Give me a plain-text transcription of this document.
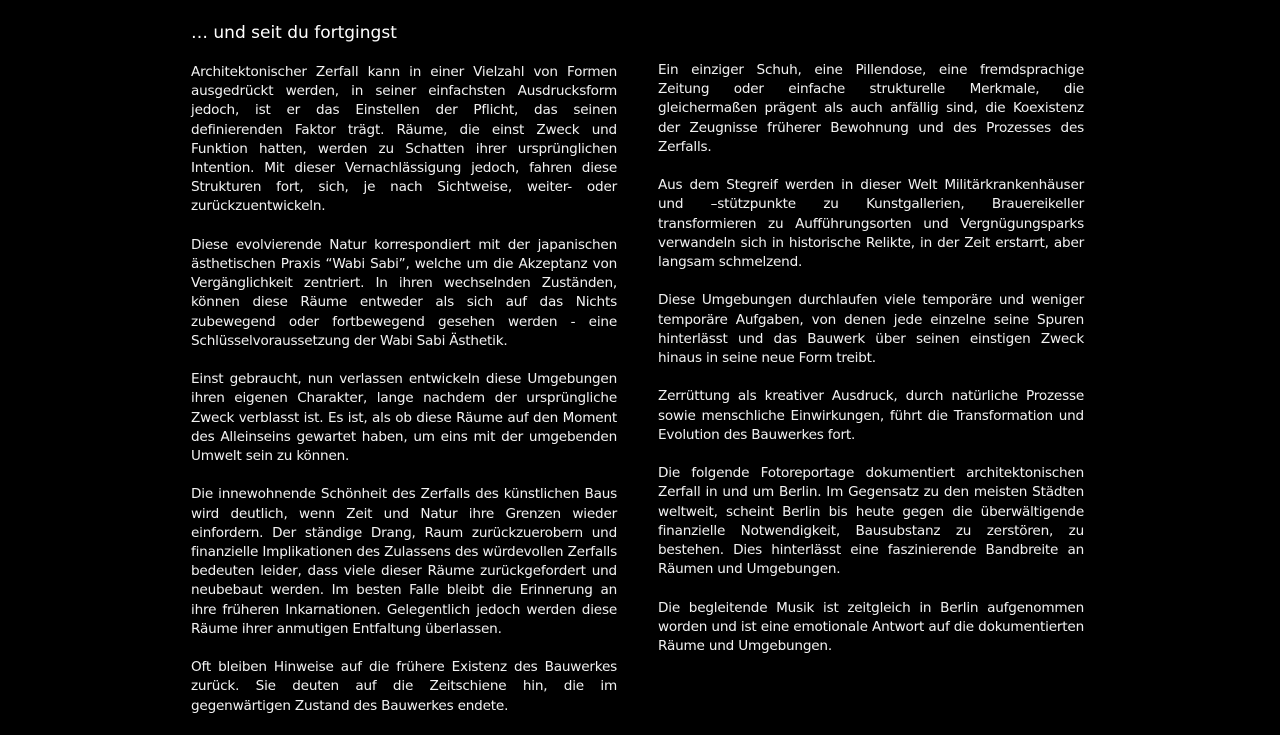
… und seit du fortgingst

Architektonischer Zerfall kann in einer Vielzahl von Formen ausgedrückt werden, in seiner einfachsten Ausdrucksform jedoch, ist er das Einstellen der Pflicht, das seinen definierenden Faktor trägt. Räume, die einst Zweck und Funktion hatten, werden zu Schatten ihrer ursprünglichen Intention. Mit dieser Vernachlässigung jedoch, fahren diese Strukturen fort, sich, je nach Sichtweise, weiter- oder zurückzuentwickeln.

Diese evolvierende Natur korrespondiert mit der japanischen ästhetischen Praxis “Wabi Sabi”, welche um die Akzeptanz von Vergänglichkeit zentriert. In ihren wechselnden Zuständen, können diese Räume entweder als sich auf das Nichts zubewegend oder fortbewegend gesehen werden - eine Schlüsselvoraussetzung der Wabi Sabi Ästhetik.

Einst gebraucht, nun verlassen entwickeln diese Umgebungen ihren eigenen Charakter, lange nachdem der ursprüngliche Zweck verblasst ist. Es ist, als ob diese Räume auf den Moment des Alleinseins gewartet haben, um eins mit der umgebenden Umwelt sein zu können.

Die innewohnende Schönheit des Zerfalls des künstlichen Baus wird deutlich, wenn Zeit und Natur ihre Grenzen wieder einfordern. Der ständige Drang, Raum zurückzuerobern und finanzielle Implikationen des Zulassens des würdevollen Zerfalls bedeuten leider, dass viele dieser Räume zurückgefordert und neubebaut werden. Im besten Falle bleibt die Erinnerung an ihre früheren Inkarnationen. Gelegentlich jedoch werden diese Räume ihrer anmutigen Entfaltung überlassen.

Oft bleiben Hinweise auf die frühere Existenz des Bauwerkes zurück. Sie deuten auf die Zeitschiene hin, die im gegenwärtigen Zustand des Bauwerkes endete.

Ein einziger Schuh, eine Pillendose, eine fremdsprachige Zeitung oder einfache strukturelle Merkmale, die gleichermaßen prägent als auch anfällig sind, die Koexistenz der Zeugnisse früherer Bewohnung und des Prozesses des Zerfalls.

Aus dem Stegreif werden in dieser Welt Militärkrankenhäuser und –stützpunkte zu Kunstgallerien, Brauereikeller transformieren zu Aufführungsorten und Vergnügungsparks verwandeln sich in historische Relikte, in der Zeit erstarrt, aber langsam schmelzend.

Diese Umgebungen durchlaufen viele temporäre und weniger temporäre Aufgaben, von denen jede einzelne seine Spuren hinterlässt und das Bauwerk über seinen einstigen Zweck hinaus in seine neue Form treibt.

Zerrüttung als kreativer Ausdruck, durch natürliche Prozesse sowie menschliche Einwirkungen, führt die Transformation und Evolution des Bauwerkes fort.

Die folgende Fotoreportage dokumentiert architektonischen Zerfall in und um Berlin. Im Gegensatz zu den meisten Städten weltweit, scheint Berlin bis heute gegen die überwältigende finanzielle Notwendigkeit, Bausubstanz zu zerstören, zu bestehen. Dies hinterlässt eine faszinierende Bandbreite an Räumen und Umgebungen.

Die begleitende Musik ist zeitgleich in Berlin aufgenommen worden und ist eine emotionale Antwort auf die dokumentierten Räume und Umgebungen.
